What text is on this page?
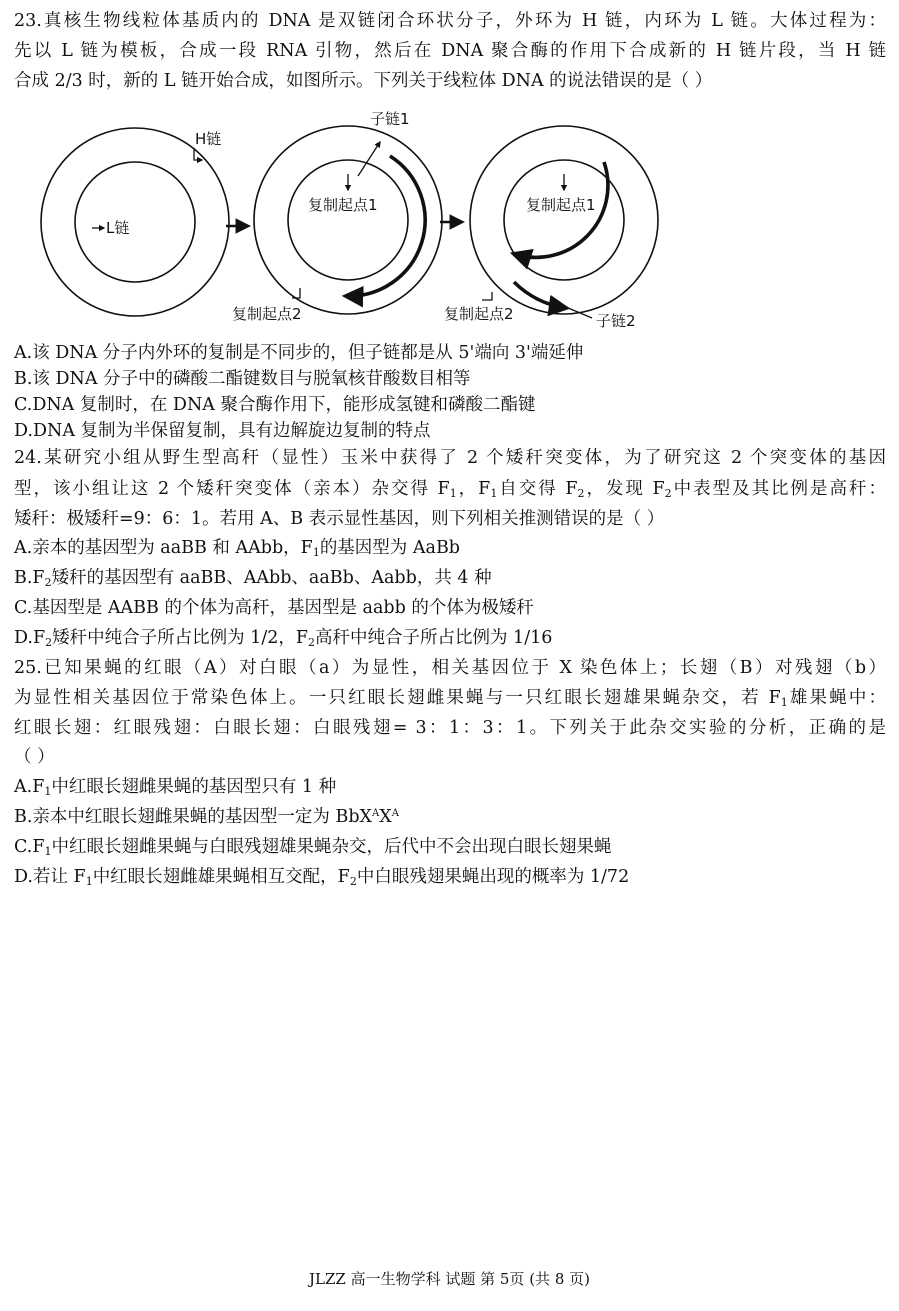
23.真核生物线粒体基质内的 DNA 是双链闭合环状分子，外环为 H 链，内环为 L 链。大体过程为：
先以 L 链为模板，合成一段 RNA 引物，然后在 DNA 聚合酶的作用下合成新的 H 链片段，当 H 链
合成 2/3 时，新的 L 链开始合成，如图所示。下列关于线粒体 DNA 的说法错误的是（ ）
H链
L链
子链1
复制起点1
复制起点2
复制起点1
复制起点2	子链2
A.该 DNA 分子内外环的复制是不同步的，但子链都是从 5'端向 3'端延伸
B.该 DNA 分子中的磷酸二酯键数目与脱氧核苷酸数目相等
C.DNA 复制时，在 DNA 聚合酶作用下，能形成氢键和磷酸二酯键
D.DNA 复制为半保留复制，具有边解旋边复制的特点
24.某研究小组从野生型高秆（显性）玉米中获得了 2 个矮秆突变体，为了研究这 2 个突变体的基因
型，该小组让这 2 个矮秆突变体（亲本）杂交得 $F_1$，$F_1$自交得 $F_2$，发现 $F_2$中表型及其比例是高秆：
矮秆：极矮秆=9：6：1。若用 A、B 表示显性基因，则下列相关推测错误的是（ ）
A.亲本的基因型为 aaBB 和 AAbb，$F_1$的基因型为 AaBb
$B.F_2$矮秆的基因型有 aaBB、AAbb、aaBb、Aabb，共 4 种
C.基因型是 AABB 的个体为高秆，基因型是 aabb 的个体为极矮秆
$D.F_2$矮秆中纯合子所占比例为 1/2，$F_2$高秆中纯合子所占比例为 1/16
25.已知果蝇的红眼（A）对白眼（a）为显性，相关基因位于 X 染色体上；长翅（B）对残翅（b）
为显性相关基因位于常染色体上。一只红眼长翅雌果蝇与一只红眼长翅雄果蝇杂交，若 $F_1$雄果蝇中：
红眼长翅：红眼残翅：白眼长翅：白眼残翅= 3：1：3：1。下列关于此杂交实验的分析，正确的是
（ ）
$A.F_1$中红眼长翅雌果蝇的基因型只有 1 种
B.亲本中红眼长翅雌果蝇的基因型一定为 $BbX^AX^A$
$C.F_1$中红眼长翅雌果蝇与白眼残翅雄果蝇杂交，后代中不会出现白眼长翅果蝇
D.若让 $F_1$中红眼长翅雌雄果蝇相互交配，$F_2$中白眼残翅果蝇出现的概率为 1/72
JLZZ 高一生物学科 试题 第 5页 (共 8 页)
